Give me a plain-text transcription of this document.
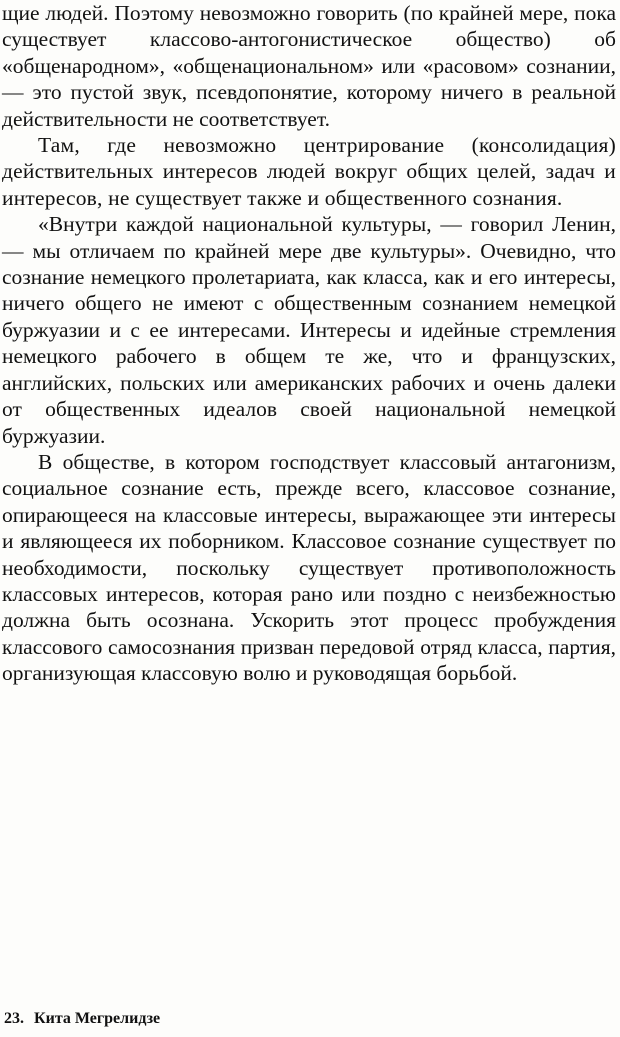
щие людей. Поэтому невозможно говорить (по крайней мере, пока существует классово-антогонистическое общество) об «общенародном», «общенациональном» или «расовом» сознании, — это пустой звук, псевдопонятие, которому ничего в реальной действительности не соответствует.

Там, где невозможно центрирование (консолидация) действительных интересов людей вокруг общих целей, задач и интересов, не существует также и общественного сознания.

«Внутри каждой национальной культуры, — говорил Ленин,— мы отличаем по крайней мере две культуры». Очевидно, что сознание немецкого пролетариата, как класса, как и его интересы, ничего общего не имеют с общественным сознанием немецкой буржуазии и с ее интересами. Интересы и идейные стремления немецкого рабочего в общем те же, что и французских, английских, польских или американских рабочих и очень далеки от общественных идеалов своей национальной немецкой буржуазии.

В обществе, в котором господствует классовый антагонизм, социальное сознание есть, прежде всего, классовое сознание, опирающееся на классовые интересы, выражающее эти интересы и являющееся их поборником. Классовое сознание существует по необходимости, поскольку существует противоположность классовых интересов, которая рано или поздно с неизбежностью должна быть осознана. Ускорить этот процесс пробуждения классового самосознания призван передовой отряд класса, партия, организующая классовую волю и руководящая борьбой.

23. Кита Мегрелидзе
